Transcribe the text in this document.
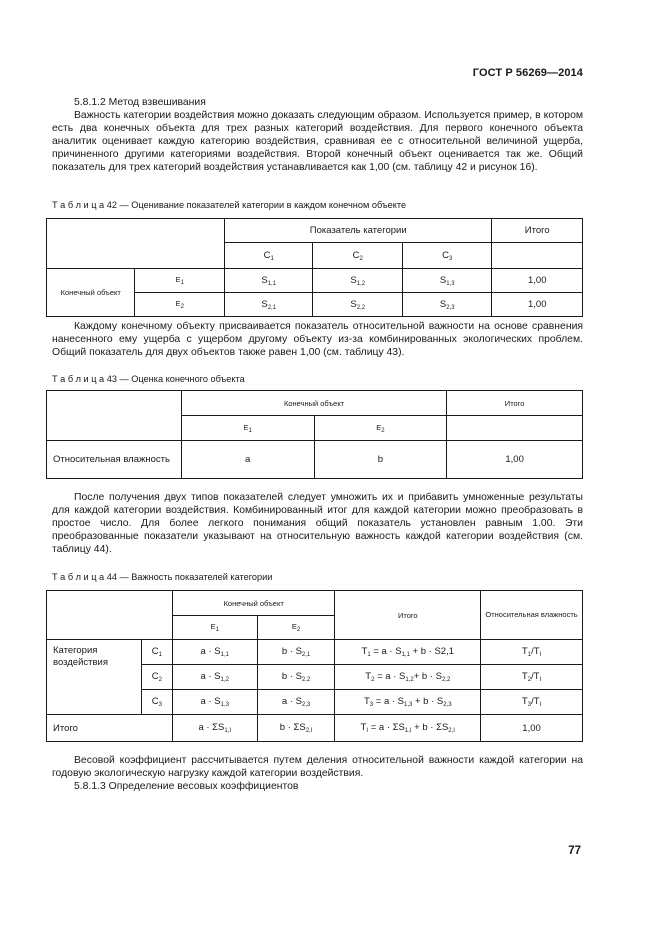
ГОСТ Р 56269—2014

5.8.1.2 Метод взвешивания

Важность категории воздействия можно доказать следующим образом. Используется пример, в котором есть два конечных объекта для трех разных категорий воздействия. Для первого конечного объекта аналитик оценивает каждую категорию воздействия, сравнивая ее с относительной величиной ущерба, причиненного другими категориями воздействия. Второй конечный объект оценивается так же. Общий показатель для трех категорий воздействия устанавливается как 1,00 (см. таблицу 42 и рисунок 16).

Т а б л и ц а 42 — Оценивание показателей категории в каждом конечном объекте
		Показатель категории			Итого
		$C_1$	$C_2$	$C_3$	
Конечный объект	$E_1$	$S_{1,1}$	$S_{1,2}$	$S_{1,3}$	1,00
	$E_2$	$S_{2,1}$	$S_{2,2}$	$S_{2,3}$	1,00

Каждому конечному объекту присваивается показатель относительной важности на основе сравнения нанесенного ему ущерба с ущербом другому объекту из-за комбинированных экологических проблем. Общий показатель для двух объектов также равен 1,00 (см. таблицу 43).

Т а б л и ц а 43 — Оценка конечного объекта
	Конечный объект		Итого
	$E_1$	$E_2$	
Относительная влажность	a	b	1,00

После получения двух типов показателей следует умножить их и прибавить умноженные результаты для каждой категории воздействия. Комбинированный итог для каждой категории можно преобразовать в простое число. Для более легкого понимания общий показатель установлен равным 1.00. Эти преобразованные показатели указывают на относительную важность каждой категории воздействия (см. таблицу 44).

Т а б л и ц а 44 — Важность показателей категории
		Конечный объект		Итого	Относительная влажность
		$E_1$	$E_2$
Категория воздействия	$C_1$	$a \cdot S_{1,1}$	$b \cdot S_{2,1}$	$T_1 = a \cdot S_{1,1} + b \cdot S2,1$	$T_1/T_I$
	$C_2$	$a \cdot S_{1,2}$	$b \cdot S_{2,2}$	$T_2 = a \cdot S_{1,2}+ b \cdot S_{2,2}$	$T_2/T_I$
	$C_3$	$a \cdot S_{1,3}$	$a \cdot S_{2,3}$	$T_3 = a \cdot S_{1,3} + b \cdot S_{2,3}$	$T_3/T_I$
Итого		$a \cdot \Sigma S_{1,I}$	$b \cdot \Sigma S_{2,I}$	$T_I = a \cdot \Sigma S_{1,I} + b \cdot \Sigma S_{2,I}$	1,00

Весовой коэффициент рассчитывается путем деления относительной важности каждой категории на годовую экологическую нагрузку каждой категории воздействия.

5.8.1.3 Определение весовых коэффициентов

77
